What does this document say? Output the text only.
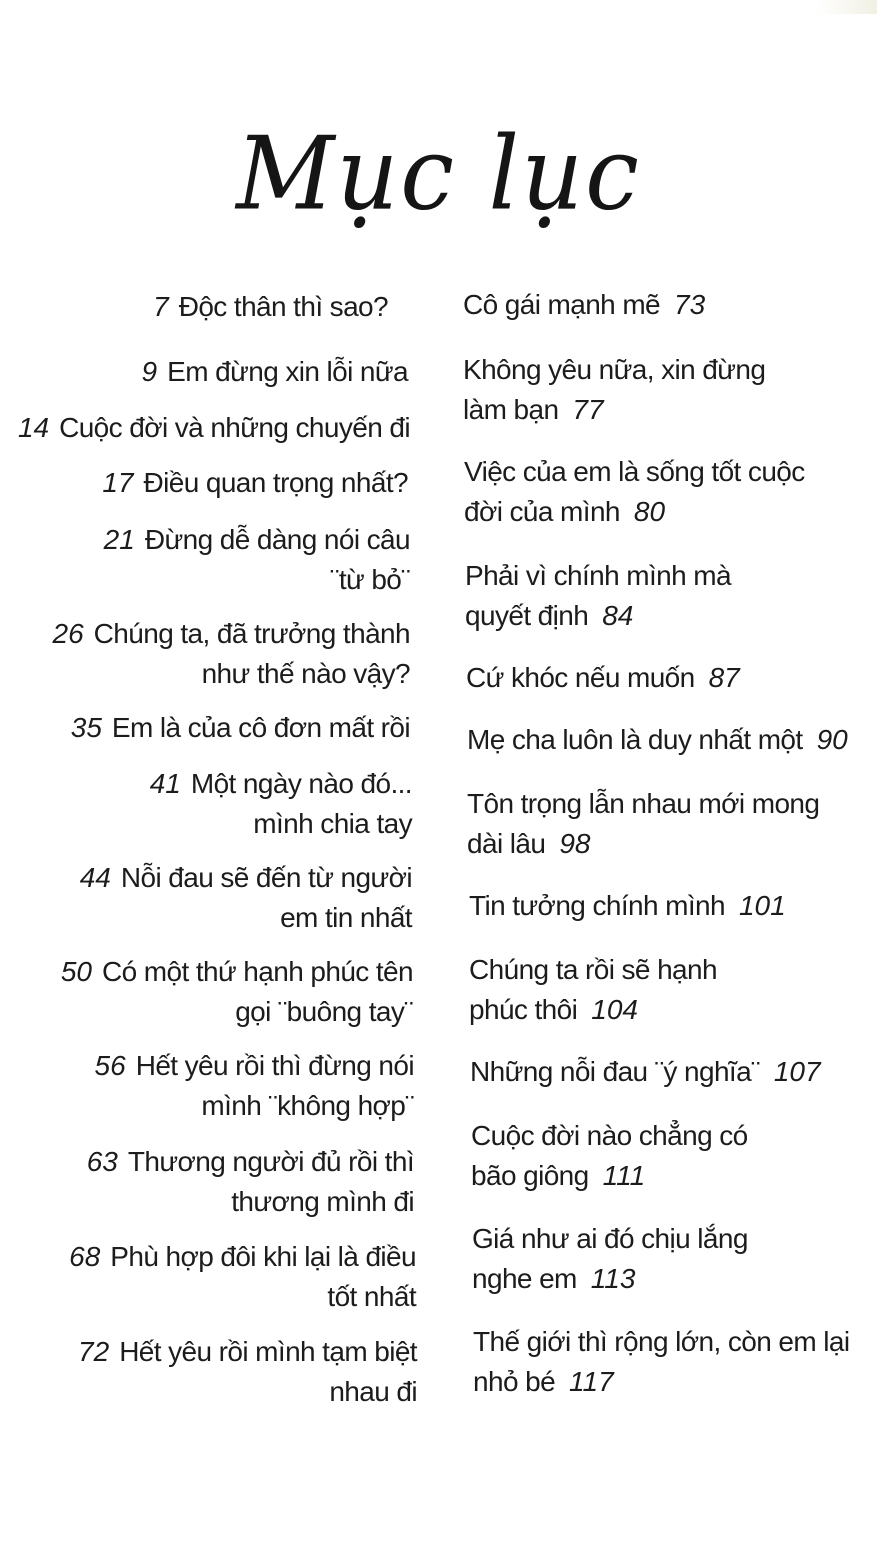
Mục lục
7 Độc thân thì sao?
9 Em đừng xin lỗi nữa
14 Cuộc đời và những chuyến đi
17 Điều quan trọng nhất?
21 Đừng dễ dàng nói câu
¨từ bỏ¨
26 Chúng ta, đã trưởng thành
như thế nào vậy?
35 Em là của cô đơn mất rồi
41 Một ngày nào đó...
mình chia tay
44 Nỗi đau sẽ đến từ người
em tin nhất
50 Có một thứ hạnh phúc tên
gọi ¨buông tay¨
56 Hết yêu rồi thì đừng nói
mình ¨không hợp¨
63 Thương người đủ rồi thì
thương mình đi
68 Phù hợp đôi khi lại là điều
tốt nhất
72 Hết yêu rồi mình tạm biệt
nhau đi
Cô gái mạnh mẽ 73
Không yêu nữa, xin đừng
làm bạn 77
Việc của em là sống tốt cuộc
đời của mình 80
Phải vì chính mình mà
quyết định 84
Cứ khóc nếu muốn 87
Mẹ cha luôn là duy nhất một 90
Tôn trọng lẫn nhau mới mong
dài lâu 98
Tin tưởng chính mình 101
Chúng ta rồi sẽ hạnh
phúc thôi 104
Những nỗi đau ¨ý nghĩa¨ 107
Cuộc đời nào chẳng có
bão giông 111
Giá như ai đó chịu lắng
nghe em 113
Thế giới thì rộng lớn, còn em lại
nhỏ bé 117
